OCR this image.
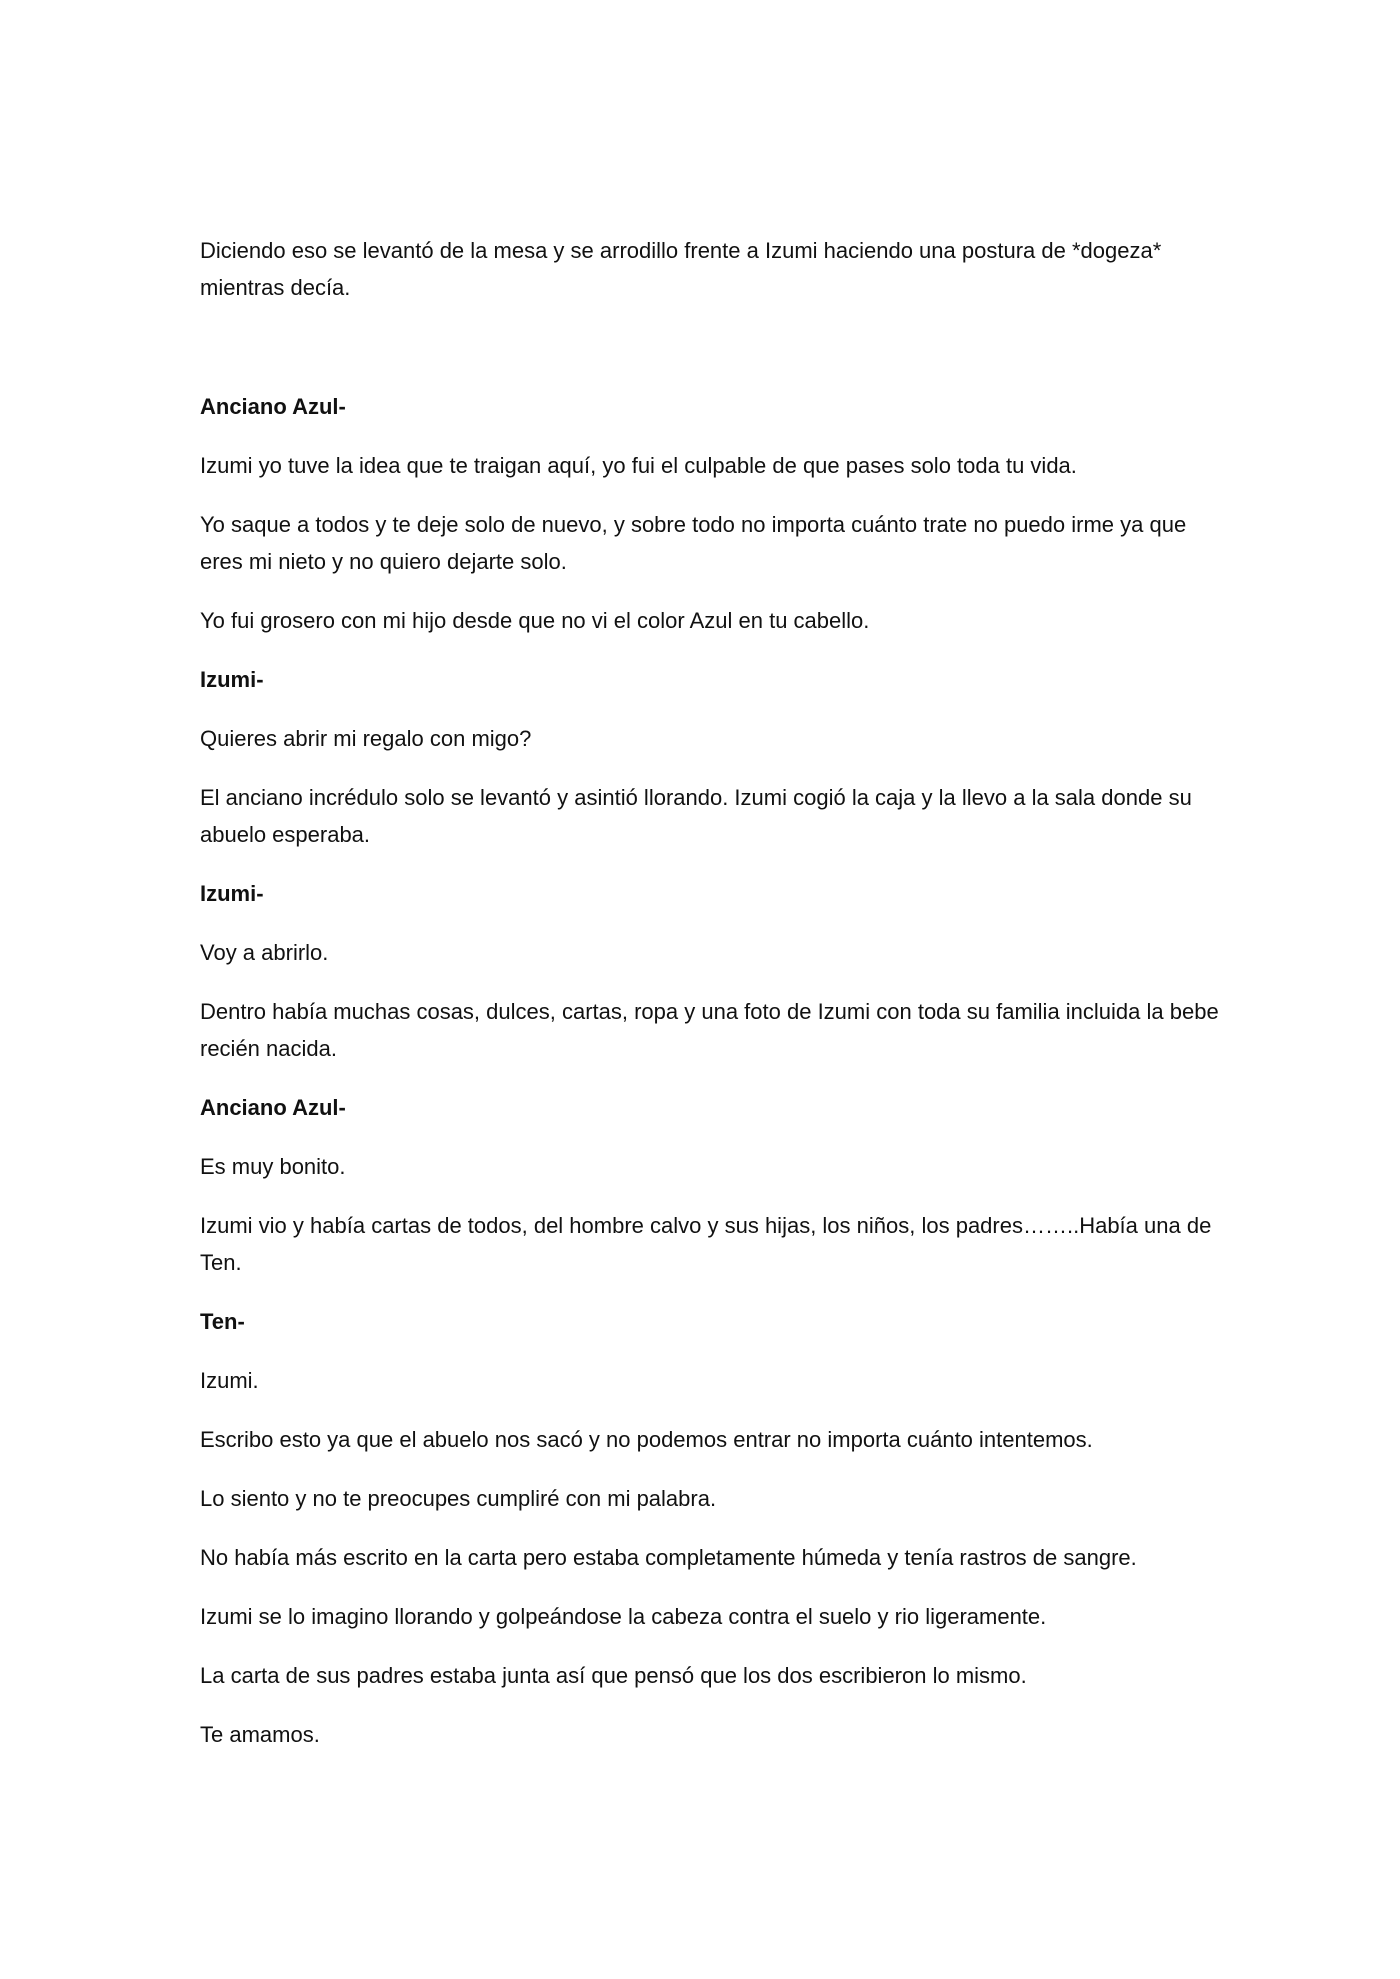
Diciendo eso se levantó de la mesa y se arrodillo frente a Izumi haciendo una postura de *dogeza* mientras decía.

Anciano Azul-

Izumi yo tuve la idea que te traigan aquí, yo fui el culpable de que pases solo toda tu vida.

Yo saque a todos y te deje solo de nuevo, y sobre todo no importa cuánto trate no puedo irme ya que eres mi nieto y no quiero dejarte solo.

Yo fui grosero con mi hijo desde que no vi el color Azul en tu cabello.

Izumi-

Quieres abrir mi regalo con migo?

El anciano incrédulo solo se levantó y asintió llorando. Izumi cogió la caja y la llevo a la sala donde su abuelo esperaba.

Izumi-

Voy a abrirlo.

Dentro había muchas cosas, dulces, cartas, ropa y una foto de Izumi con toda su familia incluida la bebe recién nacida.

Anciano Azul-

Es muy bonito.

Izumi vio y había cartas de todos, del hombre calvo y sus hijas, los niños, los padres……..Había una de Ten.

Ten-

Izumi.

Escribo esto ya que el abuelo nos sacó y no podemos entrar no importa cuánto intentemos.

Lo siento y no te preocupes cumpliré con mi palabra.

No había más escrito en la carta pero estaba completamente húmeda y tenía rastros de sangre.

Izumi se lo imagino llorando y golpeándose la cabeza contra el suelo y rio ligeramente.

La carta de sus padres estaba junta así que pensó que los dos escribieron lo mismo.

Te amamos.
